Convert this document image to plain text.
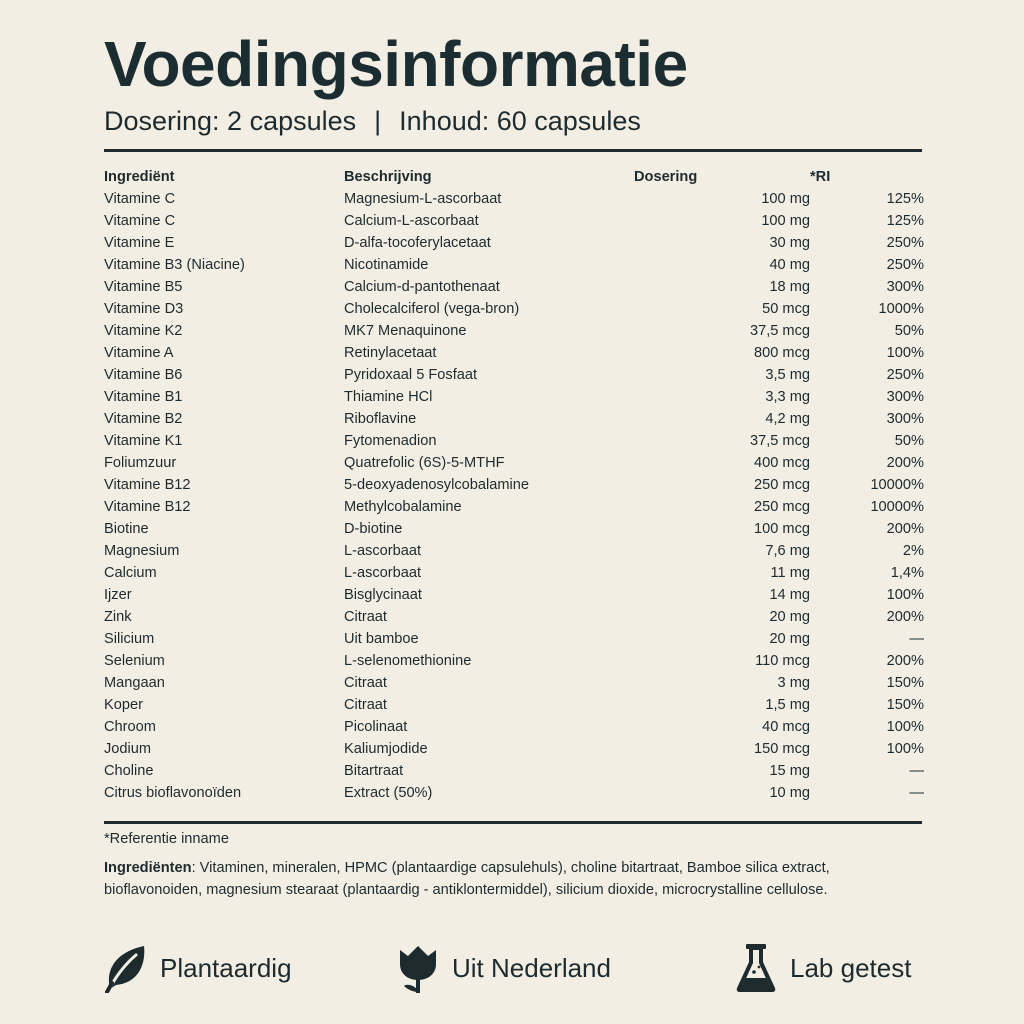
Voedingsinformatie
Dosering: 2 capsules | Inhoud: 60 capsules
Ingrediënt	Beschrijving	Dosering	*RI
Vitamine C	Magnesium-L-ascorbaat	100 mg	125%
Vitamine C	Calcium-L-ascorbaat	100 mg	125%
Vitamine E	D-alfa-tocoferylacetaat	30 mg	250%
Vitamine B3 (Niacine)	Nicotinamide	40 mg	250%
Vitamine B5	Calcium-d-pantothenaat	18 mg	300%
Vitamine D3	Cholecalciferol (vega-bron)	50 mcg	1000%
Vitamine K2	MK7 Menaquinone	37,5 mcg	50%
Vitamine A	Retinylacetaat	800 mcg	100%
Vitamine B6	Pyridoxaal 5 Fosfaat	3,5 mg	250%
Vitamine B1	Thiamine HCl	3,3 mg	300%
Vitamine B2	Riboflavine	4,2 mg	300%
Vitamine K1	Fytomenadion	37,5 mcg	50%
Foliumzuur	Quatrefolic (6S)-5-MTHF	400 mcg	200%
Vitamine B12	5-deoxyadenosylcobalamine	250 mcg	10000%
Vitamine B12	Methylcobalamine	250 mcg	10000%
Biotine	D-biotine	100 mcg	200%
Magnesium	L-ascorbaat	7,6 mg	2%
Calcium	L-ascorbaat	11 mg	1,4%
Ijzer	Bisglycinaat	14 mg	100%
Zink	Citraat	20 mg	200%
Silicium	Uit bamboe	20 mg	—
Selenium	L-selenomethionine	110 mcg	200%
Mangaan	Citraat	3 mg	150%
Koper	Citraat	1,5 mg	150%
Chroom	Picolinaat	40 mcg	100%
Jodium	Kaliumjodide	150 mcg	100%
Choline	Bitartraat	15 mg	—
Citrus bioflavonoïden	Extract (50%)	10 mg	—
*Referentie inname
Ingrediënten: Vitaminen, mineralen, HPMC (plantaardige capsulehuls), choline bitartraat, Bamboe silica extract, bioflavonoiden, magnesium stearaat (plantaardig - antiklontermiddel), silicium dioxide, microcrystalline cellulose.
Plantaardig	Uit Nederland	Lab getest
